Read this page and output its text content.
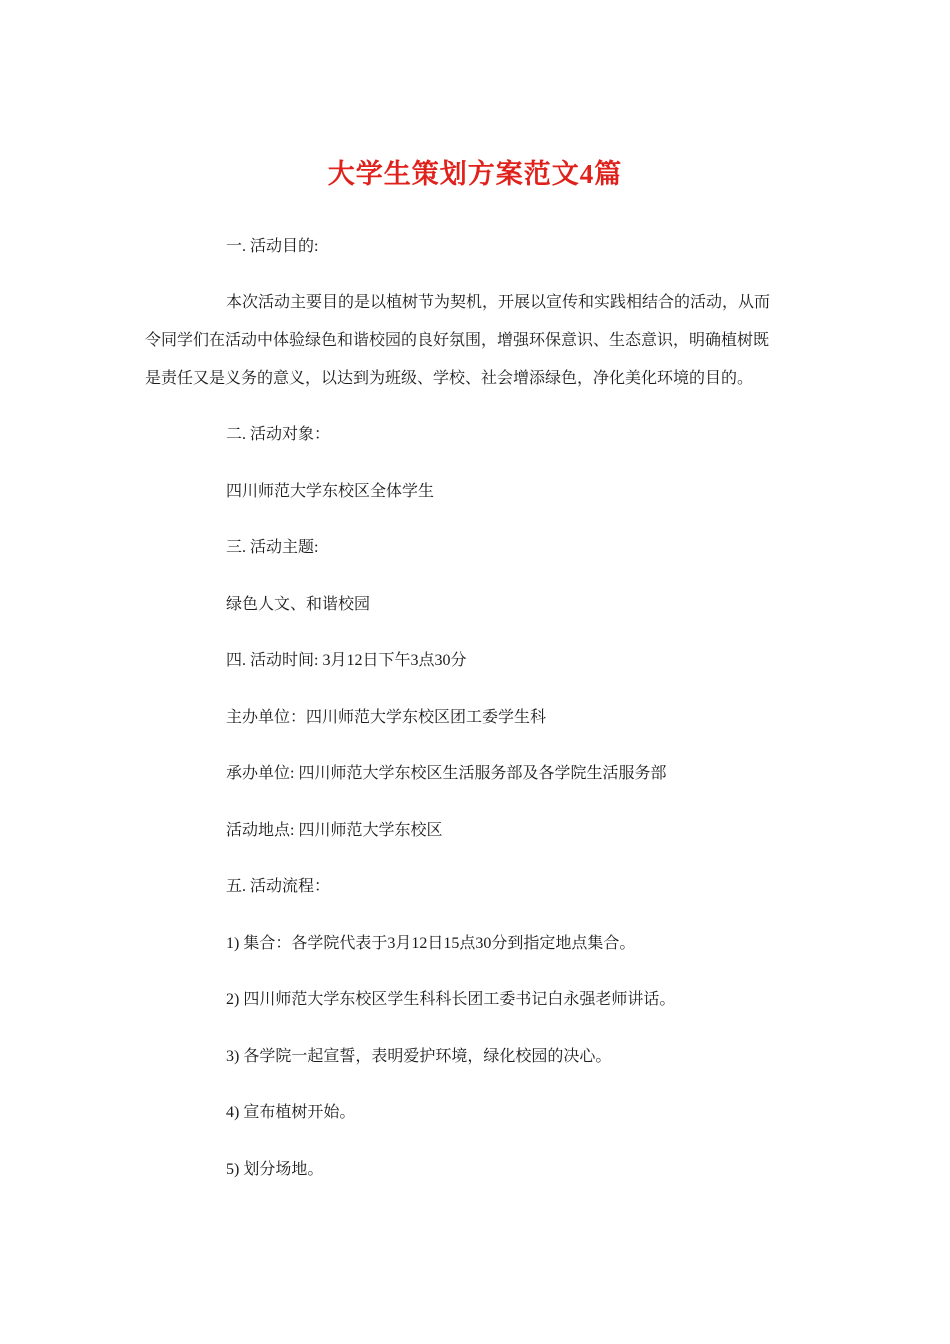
大学生策划方案范文4篇
一. 活动目的:
本次活动主要目的是以植树节为契机，开展以宣传和实践相结合的活动，从而
令同学们在活动中体验绿色和谐校园的良好氛围，增强环保意识、生态意识，明确植树既
是责任又是义务的意义，以达到为班级、学校、社会增添绿色，净化美化环境的目的。
二. 活动对象：
四川师范大学东校区全体学生
三. 活动主题:
绿色人文、和谐校园
四. 活动时间: 3月12日下午3点30分
主办单位：四川师范大学东校区团工委学生科
承办单位: 四川师范大学东校区生活服务部及各学院生活服务部
活动地点: 四川师范大学东校区
五. 活动流程：
1) 集合：各学院代表于3月12日15点30分到指定地点集合。
2) 四川师范大学东校区学生科科长团工委书记白永强老师讲话。
3) 各学院一起宣誓，表明爱护环境，绿化校园的决心。
4) 宣布植树开始。
5) 划分场地。
